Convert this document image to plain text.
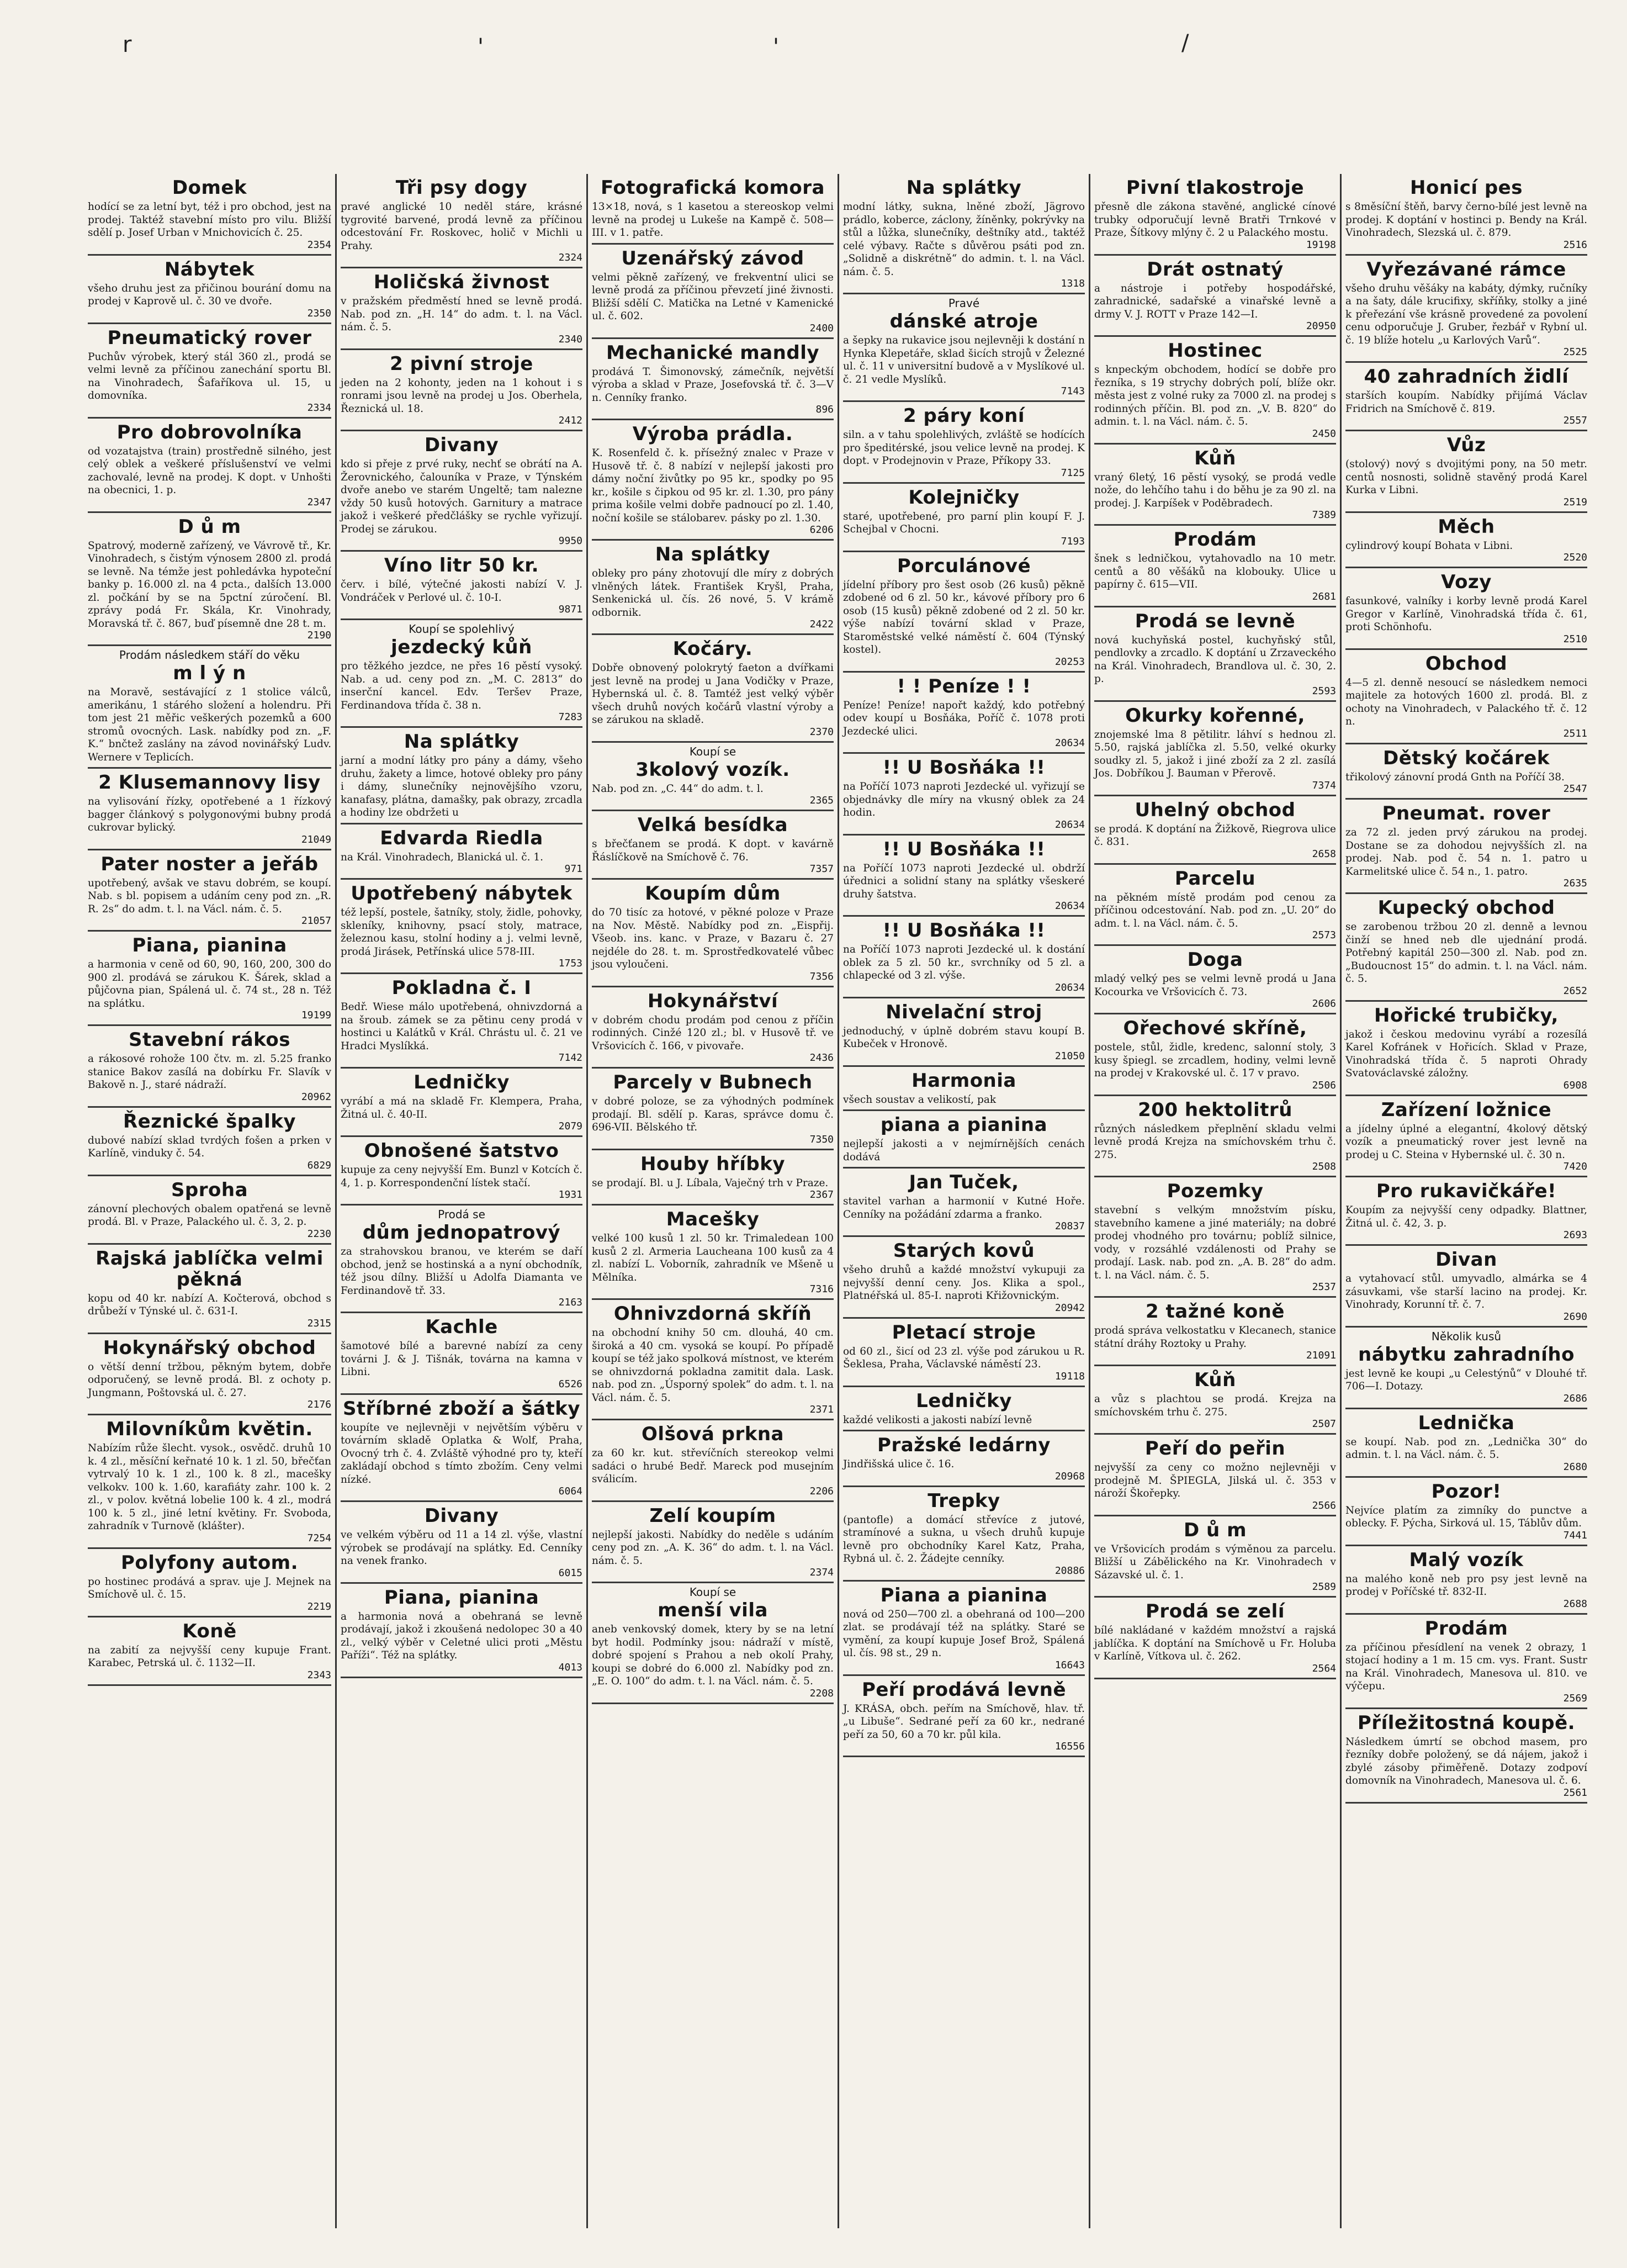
r	'	'	/
Domek

hodící se za letní byt, též i pro obchod, jest na prodej. Taktéž stavební místo pro vilu. Bližší sdělí p. Josef Urban v Mnichovicích č. 25.

2354
Nábytek

všeho druhu jest za přičinou bourání domu na prodej v Kaprově ul. č. 30 ve dvoře.

2350
Pneumatický rover

Puchův výrobek, který stál 360 zl., prodá se velmi levně za příčinou zanechání sportu Bl. na Vinohradech, Šafaříkova ul. 15, u domovníka.

2334
Pro dobrovolníka

od vozatajstva (train) prostředně silného, jest celý oblek a veškeré příslušenství ve velmi zachovalé, levně na prodej. K dopt. v Unhošti na obecnici, 1. p.

2347
D ů m

Spatrový, moderně zařízený, ve Vávrově tř., Kr. Vinohradech, s čistým výnosem 2800 zl. prodá se levně. Na témže jest pohledávka hypoteční banky p. 16.000 zl. na 4 pcta., dalších 13.000 zl. počkání by se na 5pctní zúročení. Bl. zprávy podá Fr. Skála, Kr. Vinohrady, Moravská tř. č. 867, buď písemně dne 28 t. m.

2190
Prodám následkem stáří do věku
m l ý n

na Moravě, sestávající z 1 stolice válců, amerikánu, 1 stárého složení a holendru. Při tom jest 21 měřic veškerých pozemků a 600 stromů ovocných. Lask. nabídky pod zn. „F. K.“ bnčtež zaslány na závod novinářský Ludv. Wernere v Teplicích.

2 Klusemannovy lisy

na vylisování řízky, opotřebené a 1 řízkový bagger článkový s polygonovými bubny prodá cukrovar bylický.

21049
Pater noster a jeřáb

upotřebený, avšak ve stavu dobrém, se koupí. Nab. s bl. popisem a udáním ceny pod zn. „R. R. 2s“ do adm. t. l. na Václ. nám. č. 5.

21057
Piana, pianina

a harmonia v ceně od 60, 90, 160, 200, 300 do 900 zl. prodává se zárukou K. Šárek, sklad a půjčovna pian, Spálená ul. č. 74 st., 28 n. Též na splátku.

19199
Stavební rákos

a rákosové rohože 100 čtv. m. zl. 5.25 franko stanice Bakov zasílá na dobírku Fr. Slavík v Bakově n. J., staré nádraží.

20962
Řeznické špalky

dubové nabízí sklad tvrdých fošen a prken v Karlíně, vinduky č. 54.

6829
Sproha

zánovní plechových obalem opatřená se levně prodá. Bl. v Praze, Palackého ul. č. 3, 2. p.

2230
Rajská jablíčka velmi pěkná

kopu od 40 kr. nabízí A. Kočterová, obchod s drůbeží v Týnské ul. č. 631-I.

2315
Hokynářský obchod

o větší denní tržbou, pěkným bytem, dobře odporučený, se levně prodá. Bl. z ochoty p. Jungmann, Poštovská ul. č. 27.

2176
Milovníkům květin.

Nabízím růže šlecht. vysok., osvědč. druhů 10 k. 4 zl., měsíční keřnaté 10 k. 1 zl. 50, břečťan vytrvalý 10 k. 1 zl., 100 k. 8 zl., maceškу velkokv. 100 k. 1.60, karafiáty zahr. 100 k. 2 zl., v polov. květná lobelie 100 k. 4 zl., modrá 100 k. 5 zl., jiné letní květiny. Fr. Svoboda, zahradník v Turnově (klášter).

7254
Polyfony autom.

po hostinec prodává a sprav. uje J. Mejnek na Smíchově ul. č. 15.

2219
Koně

na zabití za nejvyšší ceny kupuje Frant. Karabec, Petrská ul. č. 1132—II.

2343
Tři psy dogy

pravé anglické 10 neděl stáre, krásné tygrovité barvené, prodá levně za příčinou odcestování Fr. Roskovec, holič v Michli u Prahy.

2324
Holičská živnost

v pražském předměstí hned se levně prodá. Nab. pod zn. „H. 14“ do adm. t. l. na Václ. nám. č. 5.

2340
2 pivní stroje

jeden na 2 kohonty, jeden na 1 kohout i s ronrami jsou levně na prodej u Jos. Oberhela, Řeznická ul. 18.

2412
Divany

kdo si přeje z prvé ruky, nechť se obrátí na A. Žerovnického, čalouníka v Praze, v Týnském dvoře anebo ve starém Ungeltě; tam nalezne vždy 50 kusů hotových. Garnitury a matrace jakož i veškeré předčlášky se rychle vyřizují. Prodej se zárukou.

9950
Víno litr 50 kr.

červ. i bílé, výtečné jakosti nabízí V. J. Vondráček v Perlové ul. č. 10-I.

9871
Koupí se spolehlivý
jezdecký kůň

pro těžkého jezdce, ne přes 16 pěstí vysoký. Nab. a ud. ceny pod zn. „M. C. 2813“ do inserční kancel. Edv. Teršev Praze, Ferdinandova třída č. 38 n.

7283
Na splátky

jarní a modní látky pro pány a dámy, všeho druhu, žakety a limce, hotové obleky pro pány i dámy, slunečníky nejnovějšího vzoru, kanafasy, plátna, damašky, pak obrazy, zrcadla a hodiny lze obdržeti u

Edvarda Riedla

na Král. Vinohradech, Blanická ul. č. 1.

971
Upotřebený nábytek

též lepší, postele, šatníky, stoly, židle, pohovky, skleníky, knihovny, psací stoly, matrace, železnou kasu, stolní hodiny a j. velmi levně, prodá Jirásek, Petřínská ulice 578-III.

1753
Pokladna č. I

Bedř. Wiese málo upotřebená, ohnivzdorná a na šroub. zámek se za pětinu ceny prodá v hostinci u Kalátků v Král. Chrástu ul. č. 21 ve Hradci Myslíkká.

7142
Ledničky

vyrábí a má na skladě Fr. Klempera, Praha, Žitná ul. č. 40-II.

2079
Obnošené šatstvo

kupuje za ceny nejvyšší Em. Bunzl v Kotcích č. 4, 1. p. Korrespondenční lístek stačí.

1931
Prodá se
dům jednopatrový

za strahovskou branou, ve kterém se daří obchod, jenž se hostinská a a nyní obchodník, též jsou dílny. Bližší u Adolfa Diamanta ve Ferdinandově tř. 33.

2163
Kachle

šamotové bílé a barevné nabízí za ceny továrni J. & J. Tišnák, továrna na kamna v Libni.

6526
Stříbrné zboží a šátky

koupíte ve nejlevněji v největším výběru v továrním skladě Oplatka & Wolf, Praha, Ovocný trh č. 4. Zvláště výhodné pro ty, kteří zakládají obchod s tímto zbožím. Ceny velmi nízké.

6064
Divany

ve velkém výběru od 11 a 14 zl. výše, vlastní výrobek se prodávají na splátky. Ed. Cenníky na venek franko.

6015
Piana, pianina

a harmonia nová a obehraná se levně prodávají, jakož i zkoušená nedolopec 30 a 40 zl., velký výběr v Celetné ulici proti „Městu Paříži“. Též na splátky.

4013
Fotografická komora

13×18, nová, s 1 kasetou a stereoskop velmi levně na prodej u Lukeše na Kampě č. 508—III. v 1. patře.

Uzenářský závod

velmi pěkně zařízený, ve frekventní ulici se levně prodá za příčinou převzetí jiné živnosti. Bližší sdělí C. Matička na Letné v Kamenické ul. č. 602.

2400
Mechanické mandly

prodává T. Šimonovský, zámečník, největší výroba a sklad v Praze, Josefovská tř. č. 3—V n. Cenníky franko.

896
Výroba prádla.

K. Rosenfeld č. k. přísežný znalec v Praze v Husově tř. č. 8 nabízí v nejlepší jakosti pro dámy noční živůtky po 95 kr., spodky po 95 kr., košile s čipkou od 95 kr. zl. 1.30, pro pány prima košile velmi dobře padnoucí po zl. 1.40, noční košile se stálobarev. pásky po zl. 1.30.

6206
Na splátky

obleky pro pány zhotovují dle míry z dobrých vlněných látek. František Kryšl, Praha, Senkenická ul. čís. 26 nové, 5. V krámě odbornik.

2422
Kočáry.

Dobře obnovený polokrytý faeton a dvířkami jest levně na prodej u Jana Vodičky v Praze, Hybernská ul. č. 8. Tamtéž jest velký výběr všech druhů nových kočárů vlastní výroby a se zárukou na skladě.

2370
Koupí se
3kolový vozík.

Nab. pod zn. „C. 44“ do adm. t. l.

2365
Velká besídka

s břečťanem se prodá. K dopt. v kavárně Řáslíčkově na Smíchově č. 76.

7357
Koupím dům

do 70 tisíc za hotové, v pěkné poloze v Praze na Nov. Městě. Nabídky pod zn. „Eispřij. Všeob. ins. kanc. v Praze, v Bazaru č. 27 nejdéle do 28. t. m. Sprostředkovatelé vůbec jsou vyloučeni.

7356
Hokynářství

v dobrém chodu prodám pod cenou z příčin rodinných. Cinžé 120 zl.; bl. v Husově tř. ve Vršovicích č. 166, v pivovaře.

2436
Parcely v Bubnech

v dobré poloze, se za výhodných podmínek prodají. Bl. sdělí p. Karas, správce domu č. 696-VII. Bělského tř.

7350
Houby hříbky

se prodají. Bl. u J. Líbala, Vaječný trh v Praze.

2367
Macešky

velké 100 kusů 1 zl. 50 kr. Trimaledean 100 kusů 2 zl. Armeria Laucheana 100 kusů za 4 zl. nabízí L. Voborník, zahradník ve Mšeně u Mělníka.

7316
Ohnivzdorná skříň

na obchodní knihy 50 cm. dlouhá, 40 cm. široká a 40 cm. vysoká se koupí. Po případě koupí se též jako spolková místnost, ve kterém se ohnivzdorná pokladna zamitit dala. Lask. nab. pod zn. „Úsporný spolek“ do adm. t. l. na Václ. nám. č. 5.

2371
Olšová prkna

za 60 kr. kut. střevíčních stereokop velmi sadáci o hrubé Bedř. Mareck pod musejním sválicím.

2206
Zelí koupím

nejlepší jakosti. Nabídky do neděle s udáním ceny pod zn. „A. K. 36“ do adm. t. l. na Václ. nám. č. 5.

2374
Koupí se
menší vila

aneb venkovský domek, ktery by se na letní byt hodil. Podmínky jsou: nádraží v místě, dobré spojení s Prahou a neb okolí Prahy, koupi se dobré do 6.000 zl. Nabídky pod zn. „E. O. 100“ do adm. t. l. na Václ. nám. č. 5.

2208
Na splátky

modní látky, sukna, lněné zboží, Jägrovo prádlo, koberce, záclony, žíněnky, pokrývky na stůl a lůžka, slunečníky, deštníky atd., taktéž celé výbavy. Račte s důvěrou psáti pod zn. „Solidně a diskrétně“ do admin. t. l. na Václ. nám. č. 5.

1318
Pravé
dánské atroje

a šepky na rukavice jsou nejlevněji k dostání n Hynka Klepetáře, sklad šicích strojů v Železné ul. č. 11 v universitní budově a v Myslíkové ul. č. 21 vedle Myslíků.

7143
2 páry koní

siln. a v tahu spolehlivých, zvláště se hodících pro špeditérské, jsou velice levně na prodej. K dopt. v Prodejnovin v Praze, Příkopy 33.

7125
Kolejničky

staré, upotřebené, pro parní plin koupí F. J. Schejbal v Chocni.

7193
Porculánové

jídelní příbory pro šest osob (26 kusů) pěkně zdobené od 6 zl. 50 kr., kávové příbory pro 6 osob (15 kusů) pěkně zdobené od 2 zl. 50 kr. výše nabízí tovární sklad v Praze, Staroměstské velké náměstí č. 604 (Týnský kostel).

20253
! ! Peníze ! !

Peníze! Peníze! napořt každý, kdo potřebný odev koupí u Bosňáka, Poříč č. 1078 proti Jezdecké ulici.

20634
!! U Bosňáka !!

na Poříčí 1073 naproti Jezdecké ul. vyřizují se objednávky dle míry na vkusný oblek za 24 hodin.

20634
!! U Bosňáka !!

na Poříčí 1073 naproti Jezdecké ul. obdrží úřednici a solidní stany na splátky všeskeré druhy šatstva.

20634
!! U Bosňáka !!

na Poříčí 1073 naproti Jezdecké ul. k dostání oblek za 5 zl. 50 kr., svrchníky od 5 zl. a chlapecké od 3 zl. výše.

20634
Nivelační stroj

jednoduchý, v úplně dobrém stavu koupí B. Kubeček v Hronově.

21050
Harmonia

všech soustav a velikostí, pak

piana a pianina

nejlepší jakosti a v nejmírnějších cenách dodává

Jan Tuček,

stavitel varhan a harmonií v Kutné Hoře. Cenníky na požádání zdarma a franko.

20837
Starých kovů

všeho druhů a každé množství vykupuji za nejvyšší denní ceny. Jos. Klika a spol., Platnéřská ul. 85-I. naproti Křižovnickým.

20942
Pletací stroje

od 60 zl., šicí od 23 zl. výše pod zárukou u R. Šeklesa, Praha, Václavské náměstí 23.

19118
Ledničky

každé velikosti a jakosti nabízí levně

Pražské ledárny

Jindřišská ulice č. 16.

20968
Trepky

(pantofle) a domácí střevíce z jutové, stramínové a sukna, u všech druhů kupuje levně pro obchodníky Karel Katz, Praha, Rybná ul. č. 2. Žádejte cenníky.

20886
Piana a pianina

nová od 250—700 zl. a obehraná od 100—200 zlat. se prodávají též na splátky. Staré se vymění, za koupí kupuje Josef Brož, Spálená ul. čís. 98 st., 29 n.

16643
Peří prodává levně

J. KRÁSA, obch. peřím na Smíchově, hlav. tř. „u Libuše“. Sedrané peří za 60 kr., nedrané peří za 50, 60 a 70 kr. půl kila.

16556
Pivní tlakostroje

přesně dle zákona stavěné, anglické cínové trubky odporučují levně Bratři Trnkové v Praze, Šítkovy mlýny č. 2 u Palackého mostu.

19198
Drát ostnatý

a nástroje i potřeby hospodářské, zahradnické, sadařské a vinařské levně a drmy V. J. ROTT v Praze 142—I.

20950
Hostinec

s knpeckým obchodem, hodící se dobře pro řezníka, s 19 strychy dobrých polí, blíže okr. města jest z volné ruky za 7000 zl. na prodej s rodinných příčin. Bl. pod zn. „V. B. 820“ do admin. t. l. na Václ. nám. č. 5.

2450
Kůň

vraný 6letý, 16 pěstí vysoký, se prodá vedle nože, do lehčího tahu i do běhu je za 90 zl. na prodej. J. Karpíšek v Poděbradech.

7389
Prodám

šnek s ledničkou, vytahovadlo na 10 metr. centů a 80 věšáků na klobouky. Ulice u papírny č. 615—VII.

2681
Prodá se levně

nová kuchyňská postel, kuchyňský stůl, pendlovky a zrcadlo. K doptání u Zrzaveckého na Král. Vinohradech, Brandlova ul. č. 30, 2. p.

2593
Okurky kořenné,

znojemské lma 8 pětilitr. láhví s hednou zl. 5.50, rajská jablíčka zl. 5.50, velké okurky soudky zl. 5, jakož i jiné zboží za 2 zl. zasílá Jos. Dobříkou J. Bauman v Přerově.

7374
Uhelný obchod

se prodá. K doptání na Žižkově, Riegrova ulice č. 831.

2658
Parcelu

na pěkném místě prodám pod cenou za příčinou odcestování. Nab. pod zn. „U. 20“ do adm. t. l. na Václ. nám. č. 5.

2573
Doga

mladý velký pes se velmi levně prodá u Jana Kocourka ve Vršovicích č. 73.

2606
Ořechové skříně,

postele, stůl, židle, kredenc, salonní stoly, 3 kusy špiegl. se zrcadlem, hodiny, velmi levně na prodej v Krakovské ul. č. 17 v pravo.

2506
200 hektolitrů

různých následkem přeplnění skladu velmi levně prodá Krejza na smíchovském trhu č. 275.

2508
Pozemky

stavební s velkým množstvím písku, stavebního kamene a jiné materiály; na dobré prodej vhodného pro továrnu; poblíž silnice, vody, v rozsáhlé vzdálenosti od Prahy se prodají. Lask. nab. pod zn. „A. B. 28“ do adm. t. l. na Václ. nám. č. 5.

2537
2 tažné koně

prodá správa velkostatku v Klecanech, stanice státní dráhy Roztoky u Prahy.

21091
Kůň

a vůz s plachtou se prodá. Krejza na smíchovském trhu č. 275.

2507
Peří do peřin

nejvyšší za ceny co možno nejlevněji v prodejně M. ŠPIEGLA, Jilská ul. č. 353 v nároží Škořepky.

2566
D ů m

ve Vršovicích prodám s výměnou za parcelu. Bližší u Zábělického na Kr. Vinohradech v Sázavské ul. č. 1.

2589
Prodá se zelí

bílé nakládané v každém množství a rajská jablíčka. K doptání na Smíchově u Fr. Holuba v Karlíně, Vítkova ul. č. 262.

2564
Honicí pes

s 8měsíční štěň, barvy černo-bílé jest levně na prodej. K doptání v hostinci p. Bendy na Král. Vinohradech, Slezská ul. č. 879.

2516
Vyřezávané rámce

všeho druhu věšáky na kabáty, dýmky, ručníky a na šaty, dále krucifixy, skříňky, stolky a jiné k přeřezání vše krásně provedené za povolení cenu odporučuje J. Gruber, řezbář v Rybní ul. č. 19 blíže hotelu „u Karlových Varů“.

2525
40 zahradních židlí

starších koupím. Nabídky přijímá Václav Fridrich na Smíchově č. 819.

2557
Vůz

(stolový) nový s dvojitými pony, na 50 metr. centů nosnosti, solidně stavěný prodá Karel Kurka v Libni.

2519
Měch

cylindrový koupí Bohata v Libni.

2520
Vozy

fasunkové, valníky i korby levně prodá Karel Gregor v Karlíně, Vinohradská třída č. 61, proti Schönhofu.

2510
Obchod

4—5 zl. denně nesoucí se následkem nemoci majitele za hotových 1600 zl. prodá. Bl. z ochoty na Vinohradech, v Palackého tř. č. 12 n.

2511
Dětský kočárek

třikolový zánovní prodá Gnth na Poříčí 38.

2547
Pneumat. rover

za 72 zl. jeden prvý zárukou na prodej. Dostane se za dohodou nejvyšších zl. na prodej. Nab. pod č. 54 n. 1. patro u Karmelitské ulice č. 54 n., 1. patro.

2635
Kupecký obchod

se zarobenou tržbou 20 zl. denně a levnou činží se hned neb dle ujednání prodá. Potřebný kapitál 250—300 zl. Nab. pod zn. „Budoucnost 15“ do admin. t. l. na Václ. nám. č. 5.

2652
Hořické trubičky,

jakož i českou medovinu vyrábí a rozesílá Karel Kofránek v Hořicích. Sklad v Praze, Vinohradská třída č. 5 naproti Ohrady Svatováclavské záložny.

6908
Zařízení ložnice

a jídelny úplné a elegantní, 4kolový dětský vozík a pneumatický rover jest levně na prodej u C. Steina v Hybernské ul. č. 30 n.

7420
Pro rukavičkáře!

Koupím za nejvyšší ceny odpadky. Blattner, Žitná ul. č. 42, 3. p.

2693
Divan

a vytahovací stůl. umyvadlo, almárka se 4 zásuvkami, vše starší lacino na prodej. Kr. Vinohrady, Korunní tř. č. 7.

2690
Několik kusů
nábytku zahradního

jest levně ke koupi „u Celestýnů“ v Dlouhé tř. 706—I. Dotazy.

2686
Lednička

se koupí. Nab. pod zn. „Lednička 30“ do admin. t. l. na Václ. nám. č. 5.

2680
Pozor!

Nejvíce platím za zimníky do punctve a oblecky. F. Pýcha, Sirková ul. 15, Táblův dům.

7441
Malý vozík

na malého koně neb pro psy jest levně na prodej v Poříčské tř. 832-II.

2688
Prodám

za příčinou přesídlení na venek 2 obrazy, 1 stojací hodiny a 1 m. 15 cm. vys. Frant. Sustr na Král. Vinohradech, Manesova ul. 810. ve výčepu.

2569
Příležitostná koupě.

Následkem úmrtí se obchod masem, pro řezníky dobře položený, se dá nájem, jakož i zbylé zásoby přiměřeně. Dotazy zodpoví domovník na Vinohradech, Manesova ul. č. 6.

2561
